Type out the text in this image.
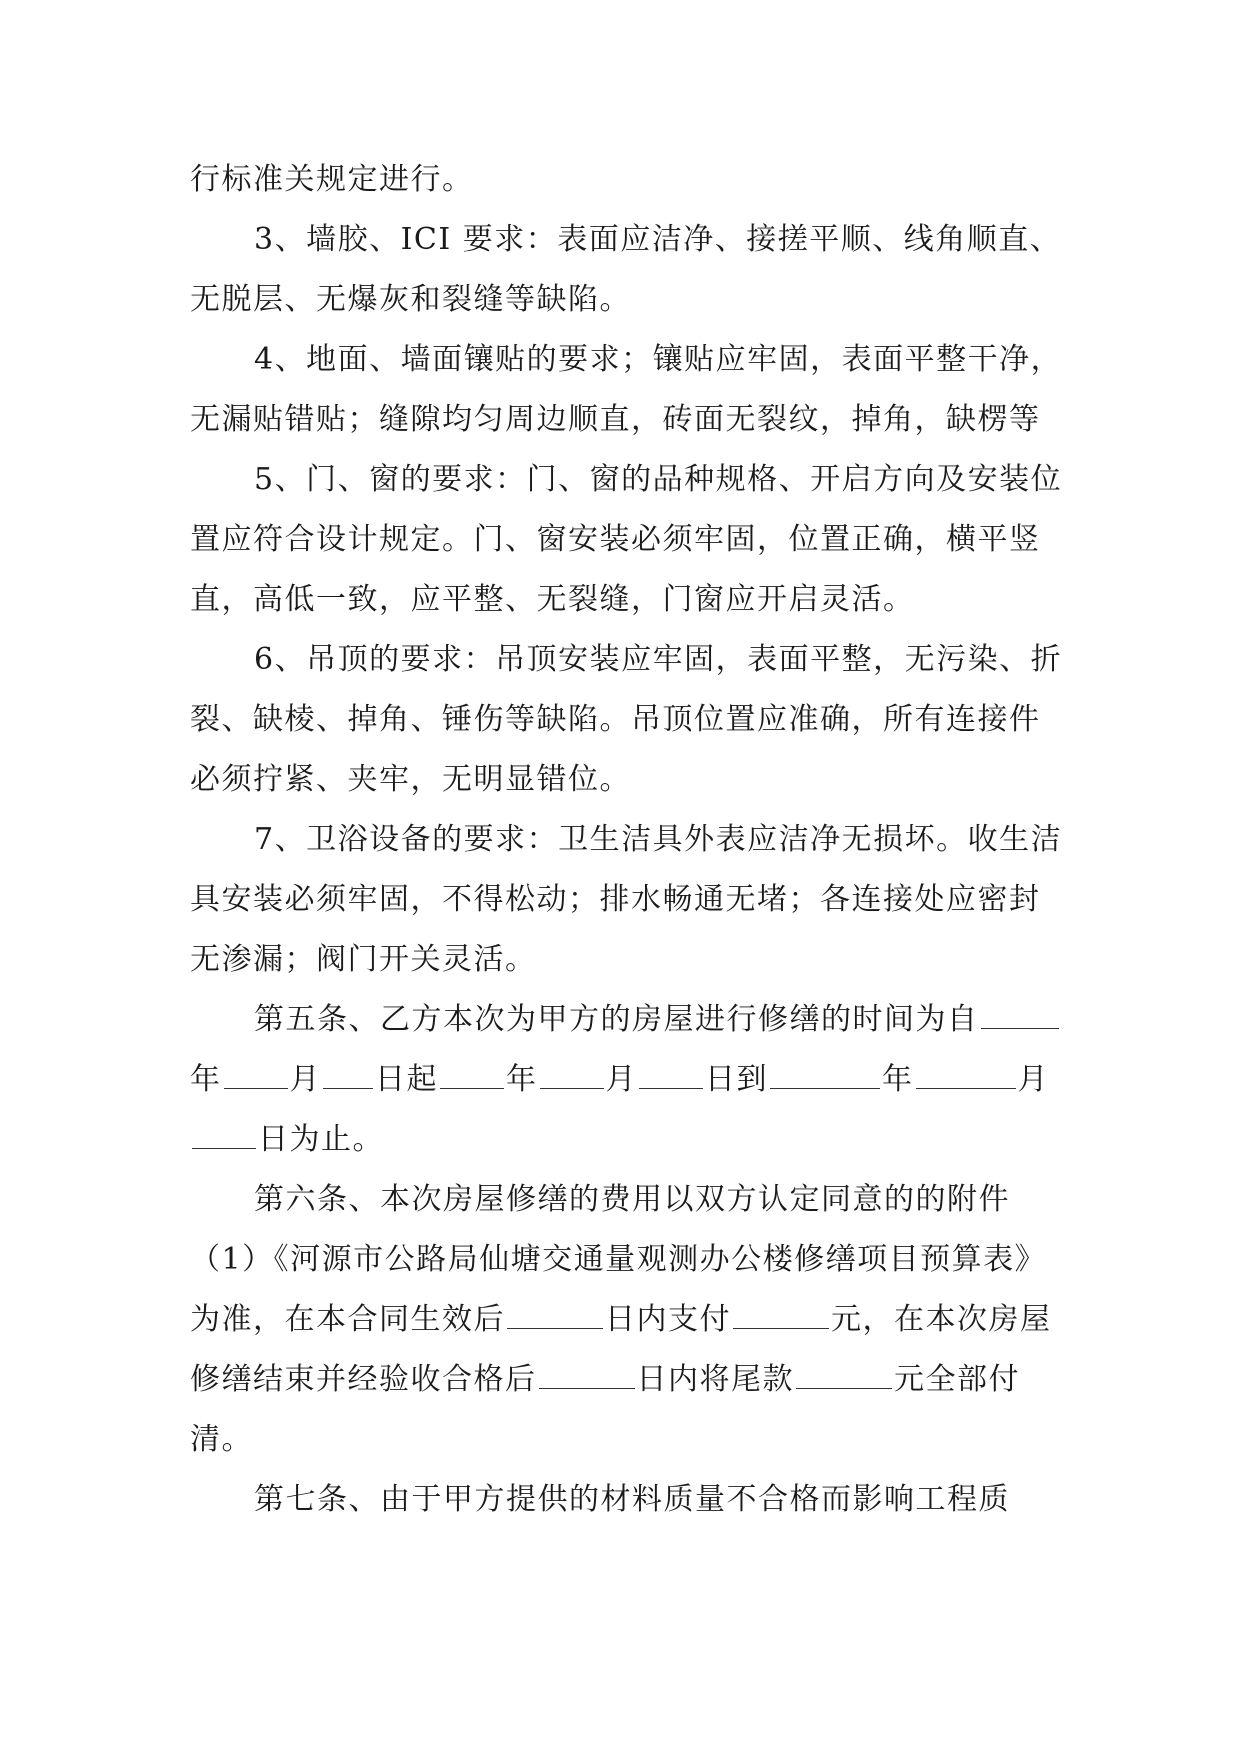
行标准关规定进行。

3、墙胶、ICI 要求：表面应洁净、接搓平顺、线角顺直、无脱层、无爆灰和裂缝等缺陷。

4、地面、墙面镶贴的要求；镶贴应牢固，表面平整干净，无漏贴错贴；缝隙均匀周边顺直，砖面无裂纹，掉角，缺楞等

5、门、窗的要求：门、窗的品种规格、开启方向及安装位置应符合设计规定。门、窗安装必须牢固，位置正确，横平竖直，高低一致，应平整、无裂缝，门窗应开启灵活。

6、吊顶的要求：吊顶安装应牢固，表面平整，无污染、折裂、缺棱、掉角、锤伤等缺陷。吊顶位置应准确，所有连接件必须拧紧、夹牢，无明显错位。

7、卫浴设备的要求：卫生洁具外表应洁净无损坏。收生洁具安装必须牢固，不得松动；排水畅通无堵；各连接处应密封无渗漏；阀门开关灵活。

第五条、乙方本次为甲方的房屋进行修缮的时间为自年 月 日起 年 月 日到	年	月日为止。

第六条、本次房屋修缮的费用以双方认定同意的的附件（1）《河源市公路局仙塘交通量观测办公楼修缮项目预算表》为准，在本合同生效后	日内支付	元，在本次房屋修缮结束并经验收合格后	日内将尾款	元全部付清。

第七条、由于甲方提供的材料质量不合格而影响工程质
